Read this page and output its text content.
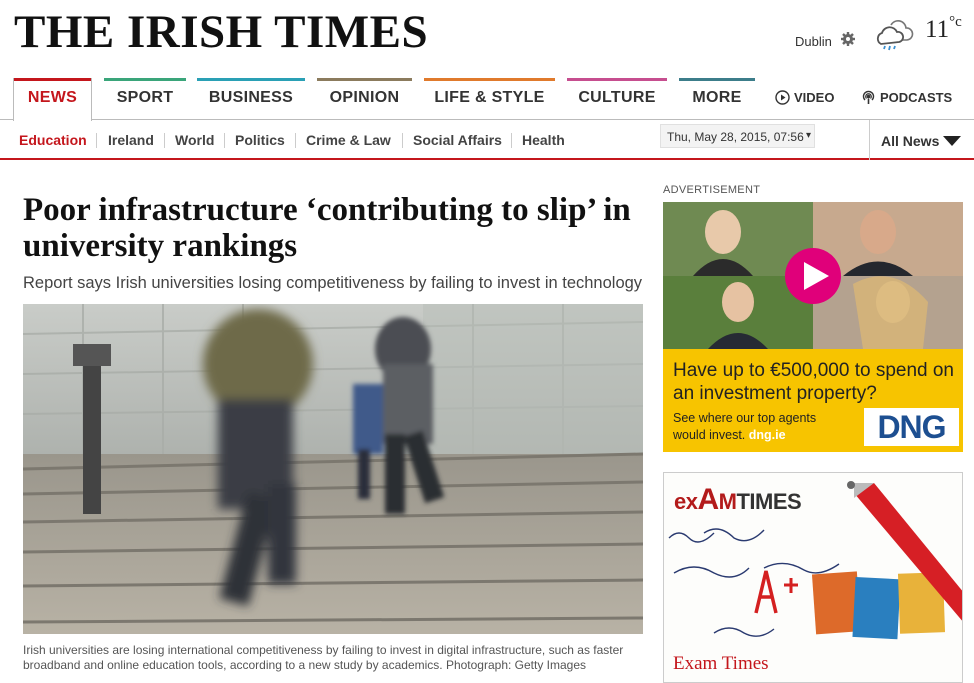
THE IRISH TIMES	Dublin	$11^{^\circ c}$
NEWS	SPORT	BUSINESS	OPINION	LIFE & STYLE	CULTURE	MORE	VIDEO	PODCASTS
Education Ireland World Politics Crime & Law Social Affairs Health	Thu, May 28, 2015, 07:56 ▾	All News
Poor infrastructure ‘contributing to slip’ in university rankings

Report says Irish universities losing competitiveness by failing to invest in technology

Irish universities are losing international competitiveness by failing to invest in digital infrastructure, such as faster broadband and online education tools, according to a new study by academics. Photograph: Getty Images

ADVERTISEMENT
Have up to €500,000 to spend on an investment property?
See where our top agents would invest. dng.ie	DNG
exAMTIMES
Exam Times
